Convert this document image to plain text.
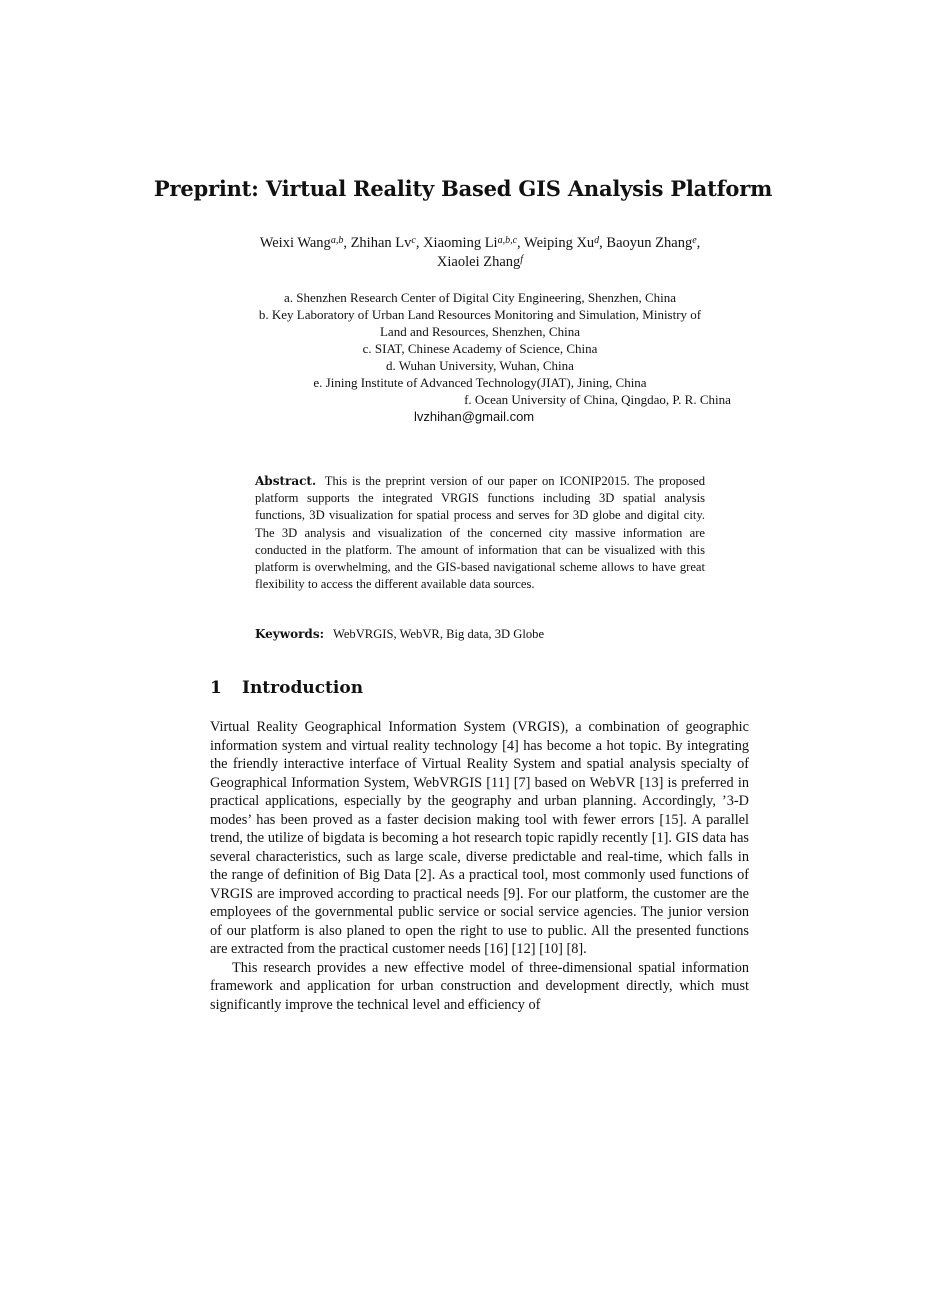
Preprint: Virtual Reality Based GIS Analysis Platform
Weixi Wang$^{a,b}$, Zhihan Lv$^c$, Xiaoming Li$^{a,b,c}$, Weiping Xu$^d$, Baoyun Zhang$^e$,
Xiaolei Zhang$^f$
a. Shenzhen Research Center of Digital City Engineering, Shenzhen, China
b. Key Laboratory of Urban Land Resources Monitoring and Simulation, Ministry of
Land and Resources, Shenzhen, China
c. SIAT, Chinese Academy of Science, China
d. Wuhan University, Wuhan, China
e. Jining Institute of Advanced Technology(JIAT), Jining, China
f. Ocean University of China, Qingdao, P. R. China
lvzhihan@gmail.com
Abstract. This is the preprint version of our paper on ICONIP2015. The proposed platform supports the integrated VRGIS functions including 3D spatial analysis functions, 3D visualization for spatial process and serves for 3D globe and digital city. The 3D analysis and visualization of the concerned city massive information are conducted in the platform. The amount of information that can be visualized with this platform is overwhelming, and the GIS-based navigational scheme allows to have great flexibility to access the different available data sources.
Keywords: WebVRGIS, WebVR, Big data, 3D Globe
1 Introduction

Virtual Reality Geographical Information System (VRGIS), a combination of geographic information system and virtual reality technology [4] has become a hot topic. By integrating the friendly interactive interface of Virtual Reality System and spatial analysis specialty of Geographical Information System, WebVRGIS [11] [7] based on WebVR [13] is preferred in practical applications, especially by the geography and urban planning. Accordingly, ’3-D modes’ has been proved as a faster decision making tool with fewer errors [15]. A parallel trend, the utilize of bigdata is becoming a hot research topic rapidly recently [1]. GIS data has several characteristics, such as large scale, diverse predictable and real-time, which falls in the range of definition of Big Data [2]. As a practical tool, most commonly used functions of VRGIS are improved according to practical needs [9]. For our platform, the customer are the employees of the governmental public service or social service agencies. The junior version of our platform is also planed to open the right to use to public. All the presented functions are extracted from the practical customer needs [16] [12] [10] [8].

This research provides a new effective model of three-dimensional spatial information framework and application for urban construction and development directly, which must significantly improve the technical level and efficiency of
